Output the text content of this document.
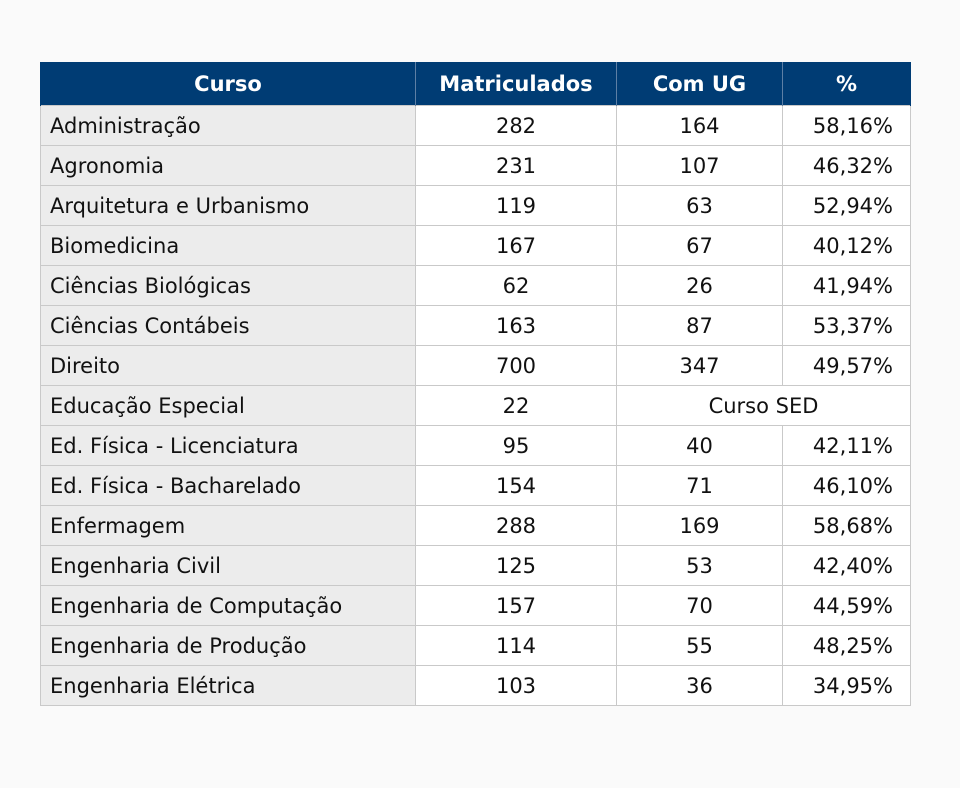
Curso	Matriculados	Com UG	%
Administração	282	164	58,16%
Agronomia	231	107	46,32%
Arquitetura e Urbanismo	119	63	52,94%
Biomedicina	167	67	40,12%
Ciências Biológicas	62	26	41,94%
Ciências Contábeis	163	87	53,37%
Direito	700	347	49,57%
Educação Especial	22	Curso SED	
Ed. Física - Licenciatura	95	40	42,11%
Ed. Física - Bacharelado	154	71	46,10%
Enfermagem	288	169	58,68%
Engenharia Civil	125	53	42,40%
Engenharia de Computação	157	70	44,59%
Engenharia de Produção	114	55	48,25%
Engenharia Elétrica	103	36	34,95%
